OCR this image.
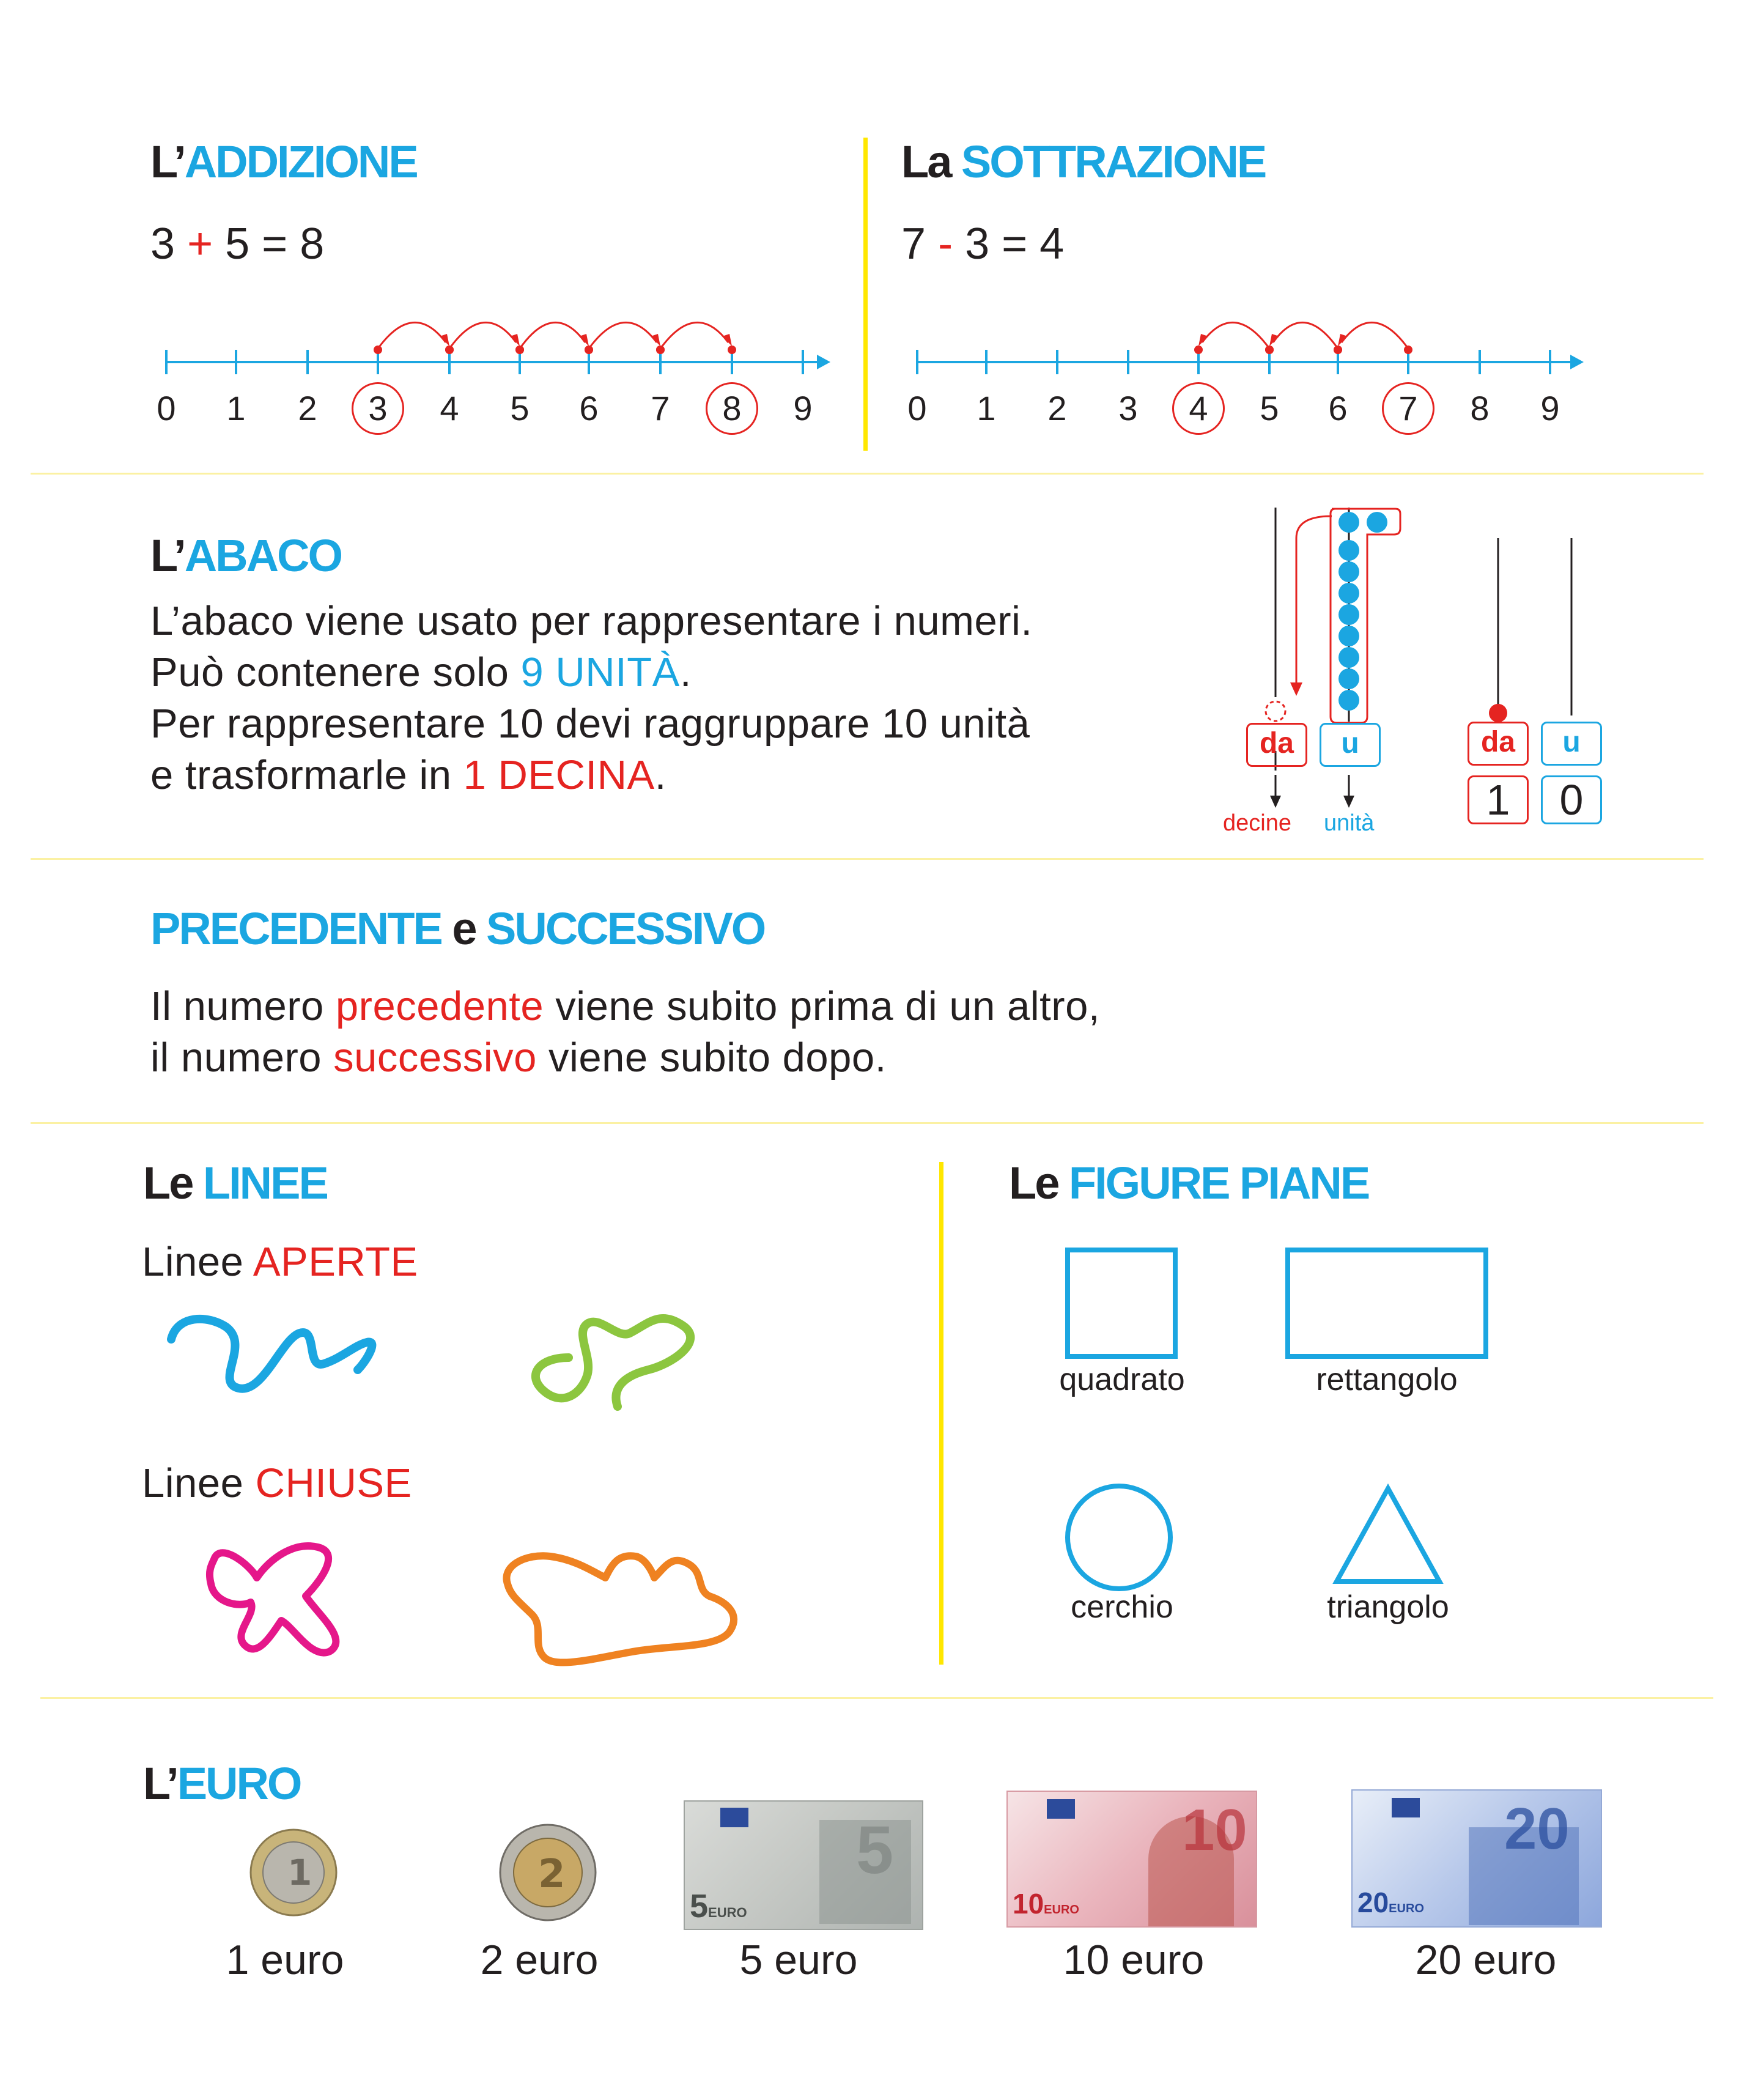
L’ADDIZIONE
3 + 5 = 8
0	1	2	3	4	5	6	7	8	9
La SOTTRAZIONE
7 - 3 = 4
0	1	2	3	4	5	6	7	8	9
L’ABACO
L’abaco viene usato per rappresentare i numeri.
Può contenere solo 9 UNITÀ.
Per rappresentare 10 devi raggruppare 10 unità
e trasformarle in 1 DECINA.
da	u
decine unità
da	u
1	0
PRECEDENTE e SUCCESSIVO
Il numero precedente viene subito prima di un altro,
il numero successivo viene subito dopo.
Le LINEE
Linee APERTE
Linee CHIUSE
Le FIGURE PIANE
quadrato	rettangolo
cerchio	triangolo
L’EURO
1	2
5EURO
5
10EURO
10
20EURO
20
1 euro	2 euro	5 euro	10 euro	20 euro
